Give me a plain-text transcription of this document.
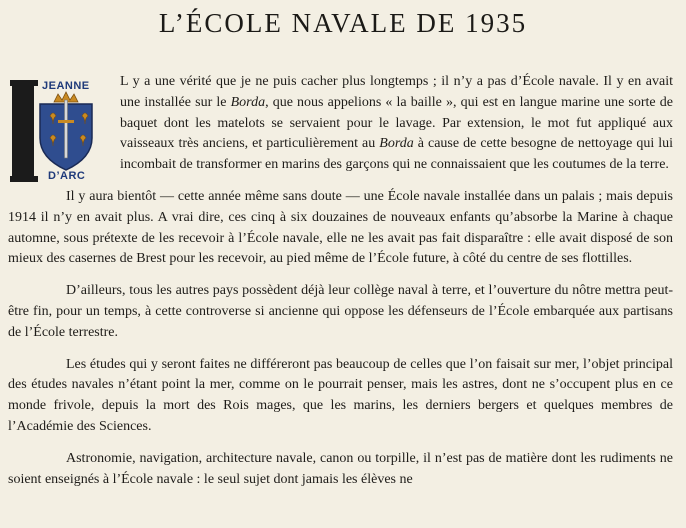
L’ÉCOLE NAVALE DE 1935
JEANNE
D’ARC

L y a une vérité que je ne puis cacher plus longtemps ; il n’y a pas d’École navale. Il y en avait une installée sur le Borda, que nous appelions « la baille », qui est en langue marine une sorte de baquet dont les matelots se servaient pour le lavage. Par extension, le mot fut appliqué aux vaisseaux très anciens, et particulièrement au Borda à cause de cette besogne de nettoyage qui lui incombait de transformer en marins des garçons qui ne connaissaient que les coutumes de la terre.

Il y aura bientôt — cette année même sans doute — une École navale installée dans un palais ; mais depuis 1914 il n’y en avait plus. A vrai dire, ces cinq à six douzaines de nouveaux enfants qu’absorbe la Marine à chaque automne, sous prétexte de les recevoir à l’École navale, elle ne les avait pas fait disparaître : elle avait disposé de son mieux des casernes de Brest pour les recevoir, au pied même de l’École future, à côté du centre de ses flottilles.

D’ailleurs, tous les autres pays possèdent déjà leur collège naval à terre, et l’ouverture du nôtre mettra peut-être fin, pour un temps, à cette controverse si ancienne qui oppose les défenseurs de l’École embarquée aux partisans de l’École terrestre.

Les études qui y seront faites ne différeront pas beaucoup de celles que l’on faisait sur mer, l’objet principal des études navales n’étant point la mer, comme on le pourrait penser, mais les astres, dont ne s’occupent plus en ce monde frivole, depuis la mort des Rois mages, que les marins, les derniers bergers et quelques membres de l’Académie des Sciences.

Astronomie, navigation, architecture navale, canon ou torpille, il n’est pas de matière dont les rudiments ne soient enseignés à l’École navale : le seul sujet dont jamais les élèves ne
